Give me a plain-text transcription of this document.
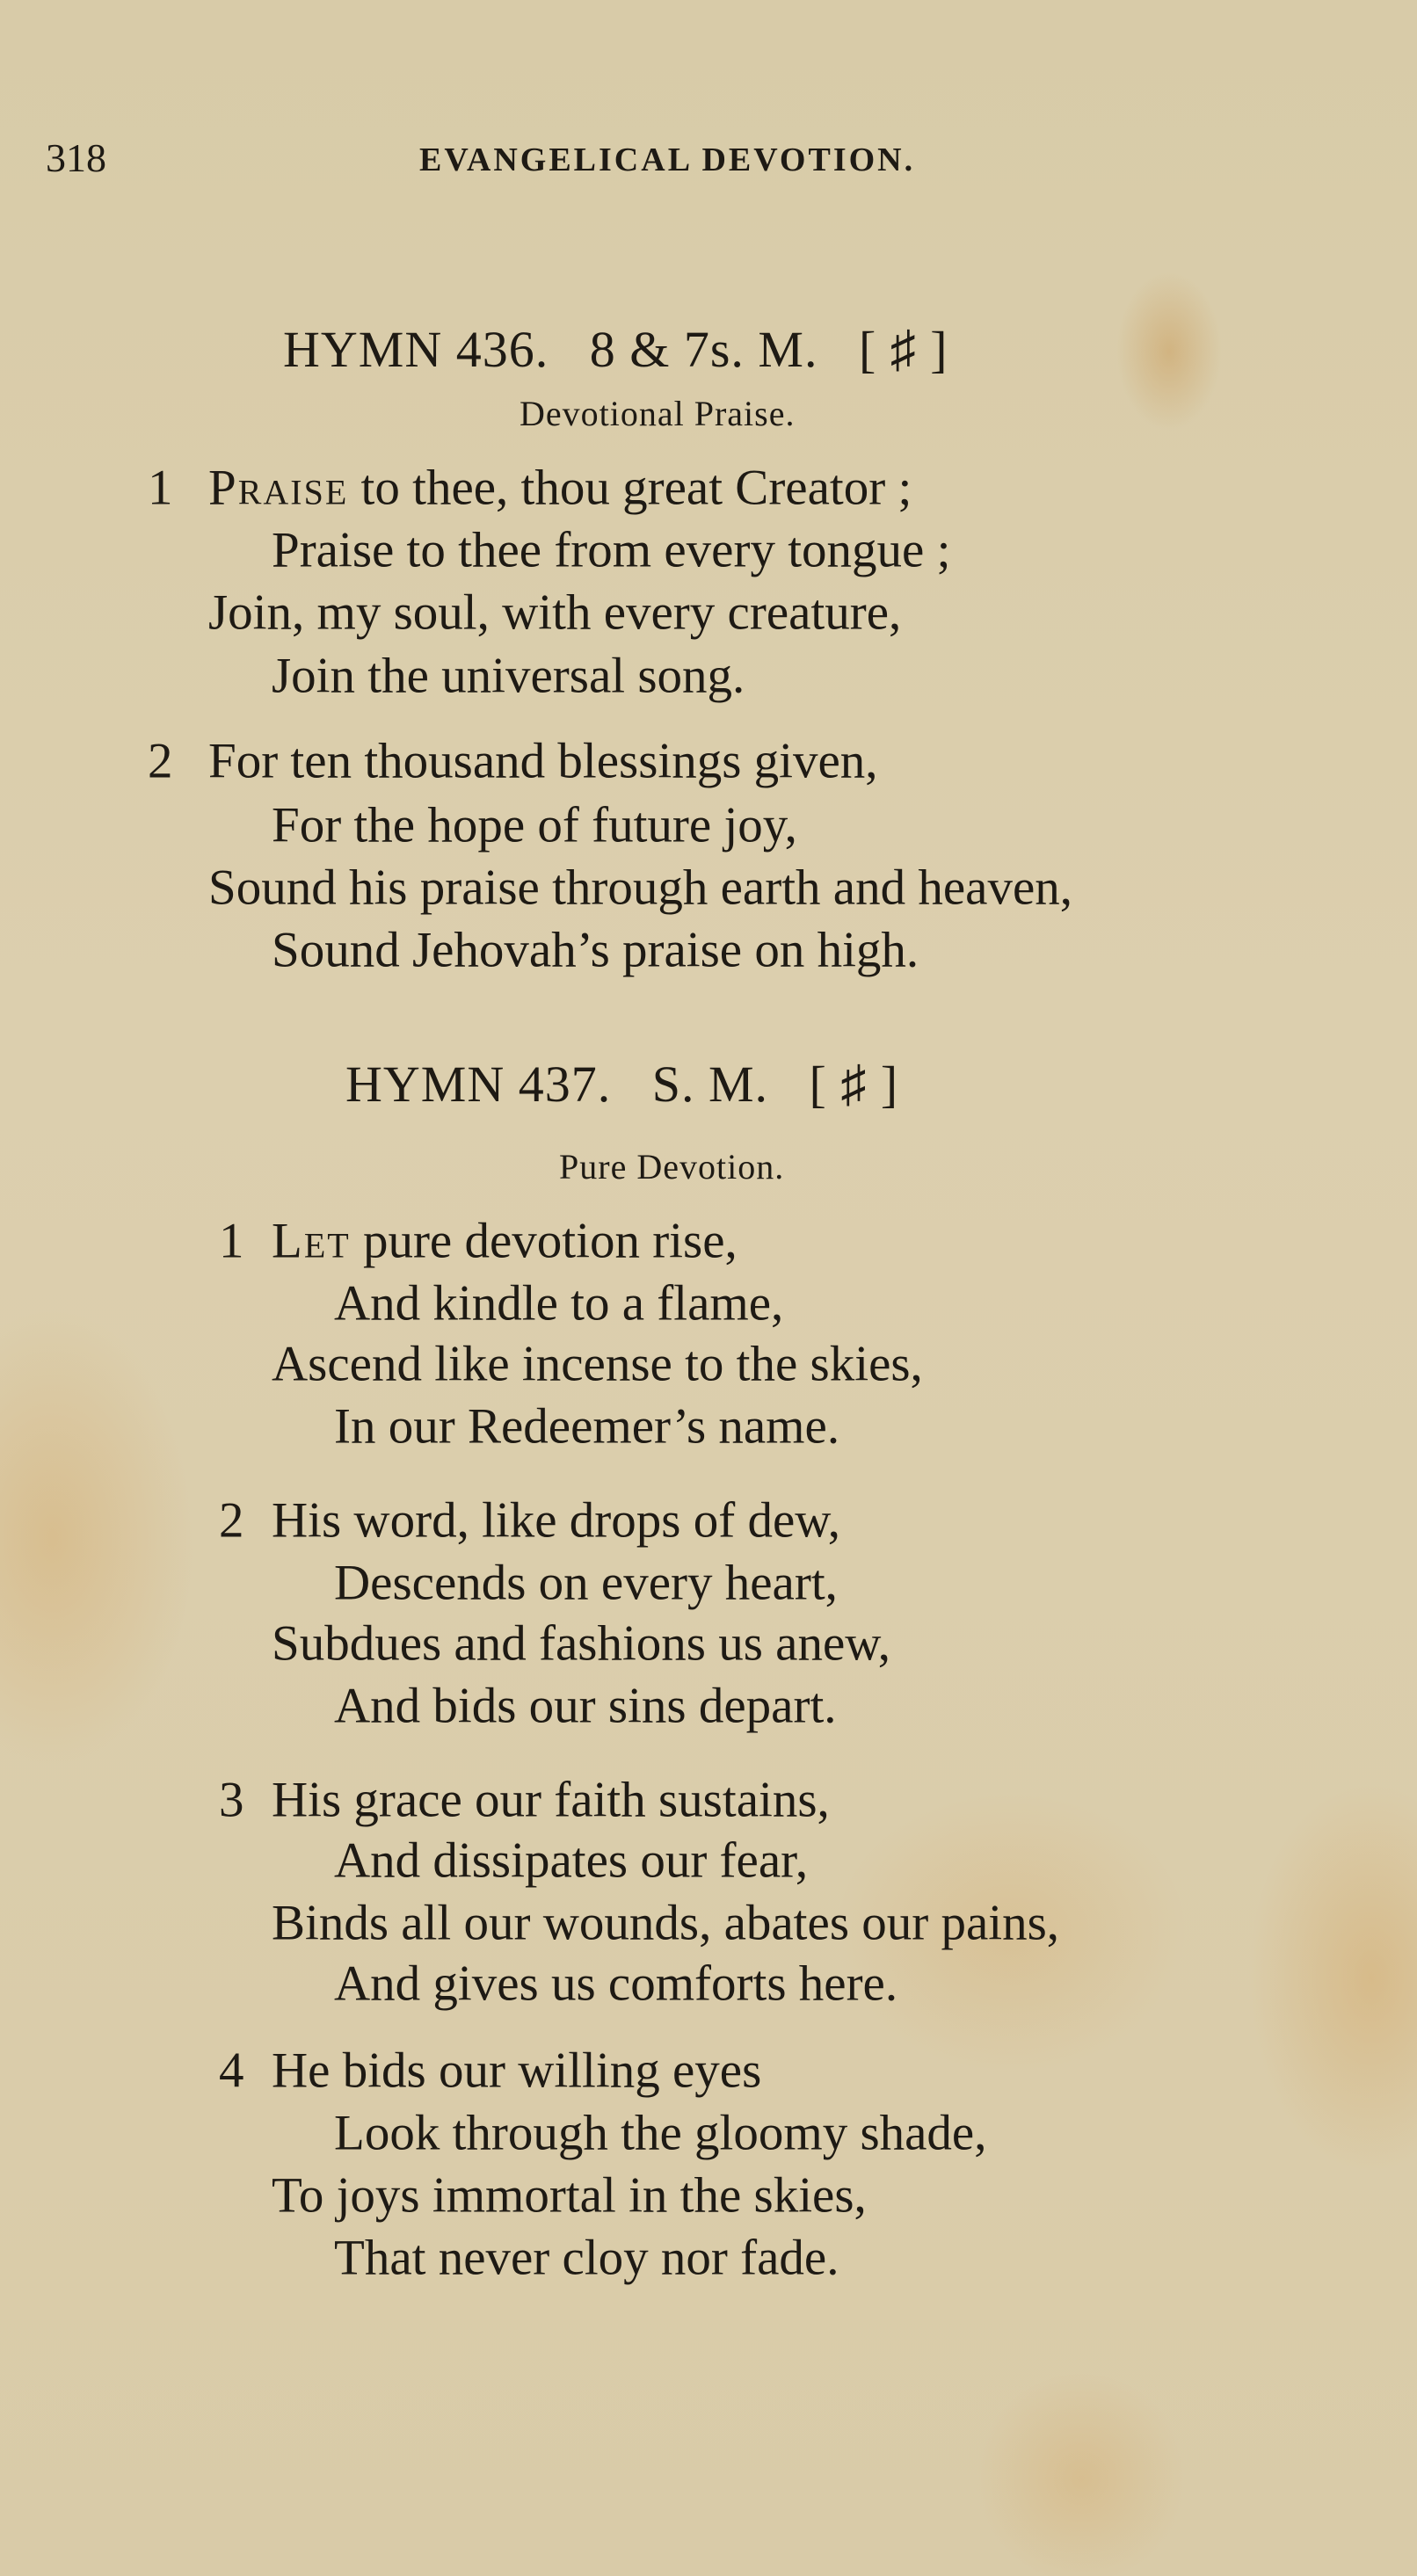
318	EVANGELICAL DEVOTION.
HYMN 436.   8 & 7s. M.   [ ♯ ]
Devotional Praise.
1 Praise to thee, thou great Creator ;
Praise to thee from every tongue ;
Join, my soul, with every creature,
Join the universal song.
2 For ten thousand blessings given,
For the hope of future joy,
Sound his praise through earth and heaven,
Sound Jehovah’s praise on high.
HYMN 437.   S. M.   [ ♯ ]
Pure Devotion.
1 Let pure devotion rise,
And kindle to a flame,
Ascend like incense to the skies,
In our Redeemer’s name.
2 His word, like drops of dew,
Descends on every heart,
Subdues and fashions us anew,
And bids our sins depart.
3 His grace our faith sustains,
And dissipates our fear,
Binds all our wounds, abates our pains,
And gives us comforts here.
4 He bids our willing eyes
Look through the gloomy shade,
To joys immortal in the skies,
That never cloy nor fade.
